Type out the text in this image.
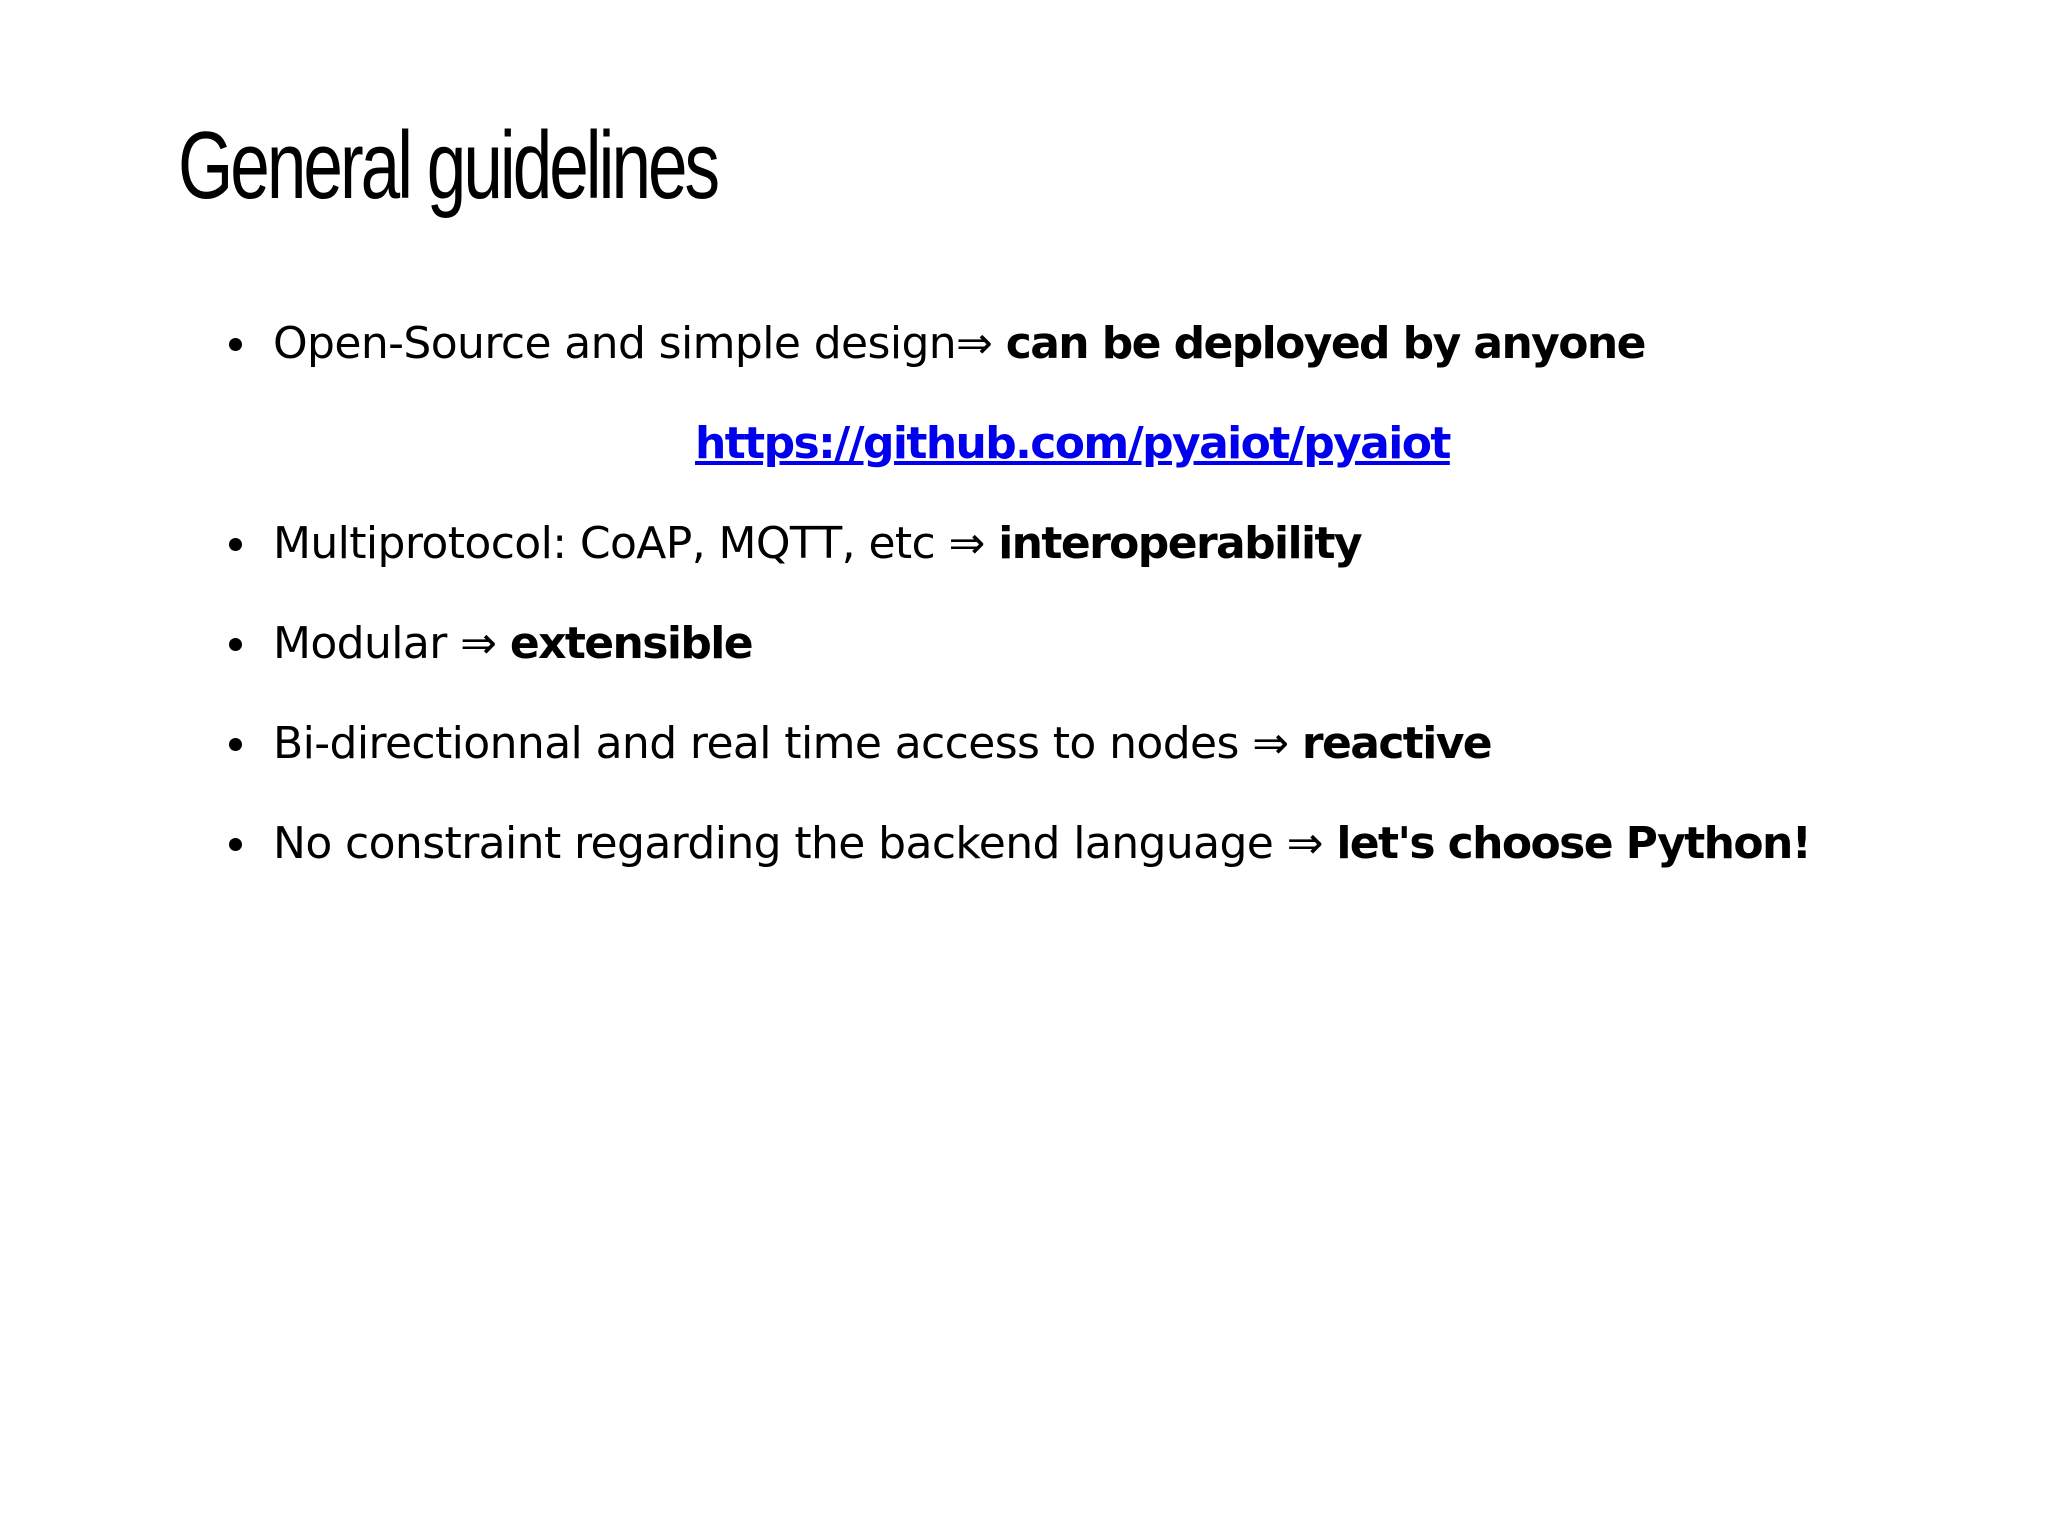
General guidelines
Open-Source and simple design⇒ can be deployed by anyone
Multiprotocol: CoAP, MQTT, etc ⇒ interoperability
Modular ⇒ extensible
Bi-directionnal and real time access to nodes ⇒ reactive
No constraint regarding the backend language ⇒ let's choose Python!
https://github.com/pyaiot/pyaiot
